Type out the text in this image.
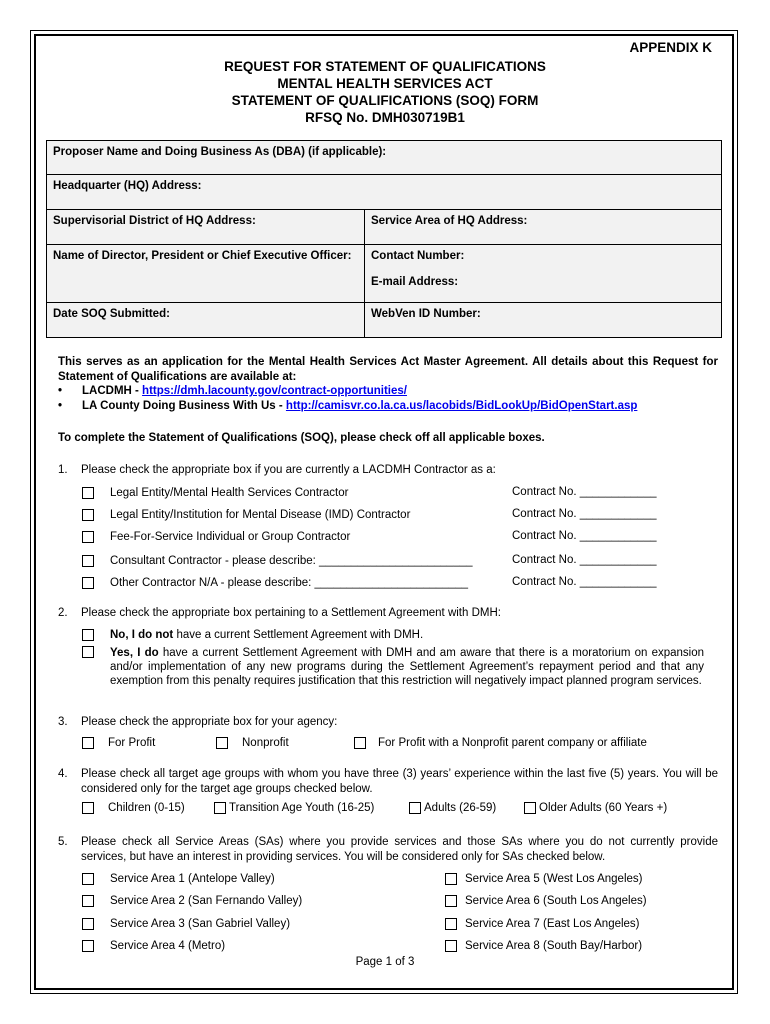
APPENDIX K
REQUEST FOR STATEMENT OF QUALIFICATIONS
MENTAL HEALTH SERVICES ACT
STATEMENT OF QUALIFICATIONS (SOQ) FORM
RFSQ No. DMH030719B1
Proposer Name and Doing Business As (DBA) (if applicable):	
Headquarter (HQ) Address:	
Supervisorial District of HQ Address:	Service Area of HQ Address:
Name of Director, President or Chief Executive Officer:	Contact Number:
E-mail Address:

Date SOQ Submitted:	WebVen ID Number:
This serves as an application for the Mental Health Services Act Master Agreement. All details about this Request for Statement of Qualifications are available at:
• LACDMH - https://dmh.lacounty.gov/contract-opportunities/
• LA County Doing Business With Us - http://camisvr.co.la.ca.us/lacobids/BidLookUp/BidOpenStart.asp
To complete the Statement of Qualifications (SOQ), please check off all applicable boxes.
1. Please check the appropriate box if you are currently a LACDMH Contractor as a:
Legal Entity/Mental Health Services Contractor	Contract No. ____________
Legal Entity/Institution for Mental Disease (IMD) Contractor	Contract No. ____________
Fee-For-Service Individual or Group Contractor	Contract No. ____________
Consultant Contractor - please describe: ________________________	Contract No. ____________
Other Contractor N/A - please describe: ________________________	Contract No. ____________
2. Please check the appropriate box pertaining to a Settlement Agreement with DMH:
No, I do not have a current Settlement Agreement with DMH.
Yes, I do have a current Settlement Agreement with DMH and am aware that there is a moratorium on expansion and/or implementation of any new programs during the Settlement Agreement’s repayment period and that any exemption from this penalty requires justification that this restriction will negatively impact planned program services.
3. Please check the appropriate box for your agency:
For Profit	Nonprofit	For Profit with a Nonprofit parent company or affiliate
4. Please check all target age groups with whom you have three (3) years’ experience within the last five (5) years. You will be considered only for the target age groups checked below.
Children (0-15)	Transition Age Youth (16-25)	Adults (26-59)	Older Adults (60 Years +)
5. Please check all Service Areas (SAs) where you provide services and those SAs where you do not currently provide services, but have an interest in providing services. You will be considered only for SAs checked below.
Service Area 1 (Antelope Valley)
Service Area 2 (San Fernando Valley)
Service Area 3 (San Gabriel Valley)
Service Area 4 (Metro)
Service Area 5 (West Los Angeles)
Service Area 6 (South Los Angeles)
Service Area 7 (East Los Angeles)
Service Area 8 (South Bay/Harbor)
Page 1 of 3
